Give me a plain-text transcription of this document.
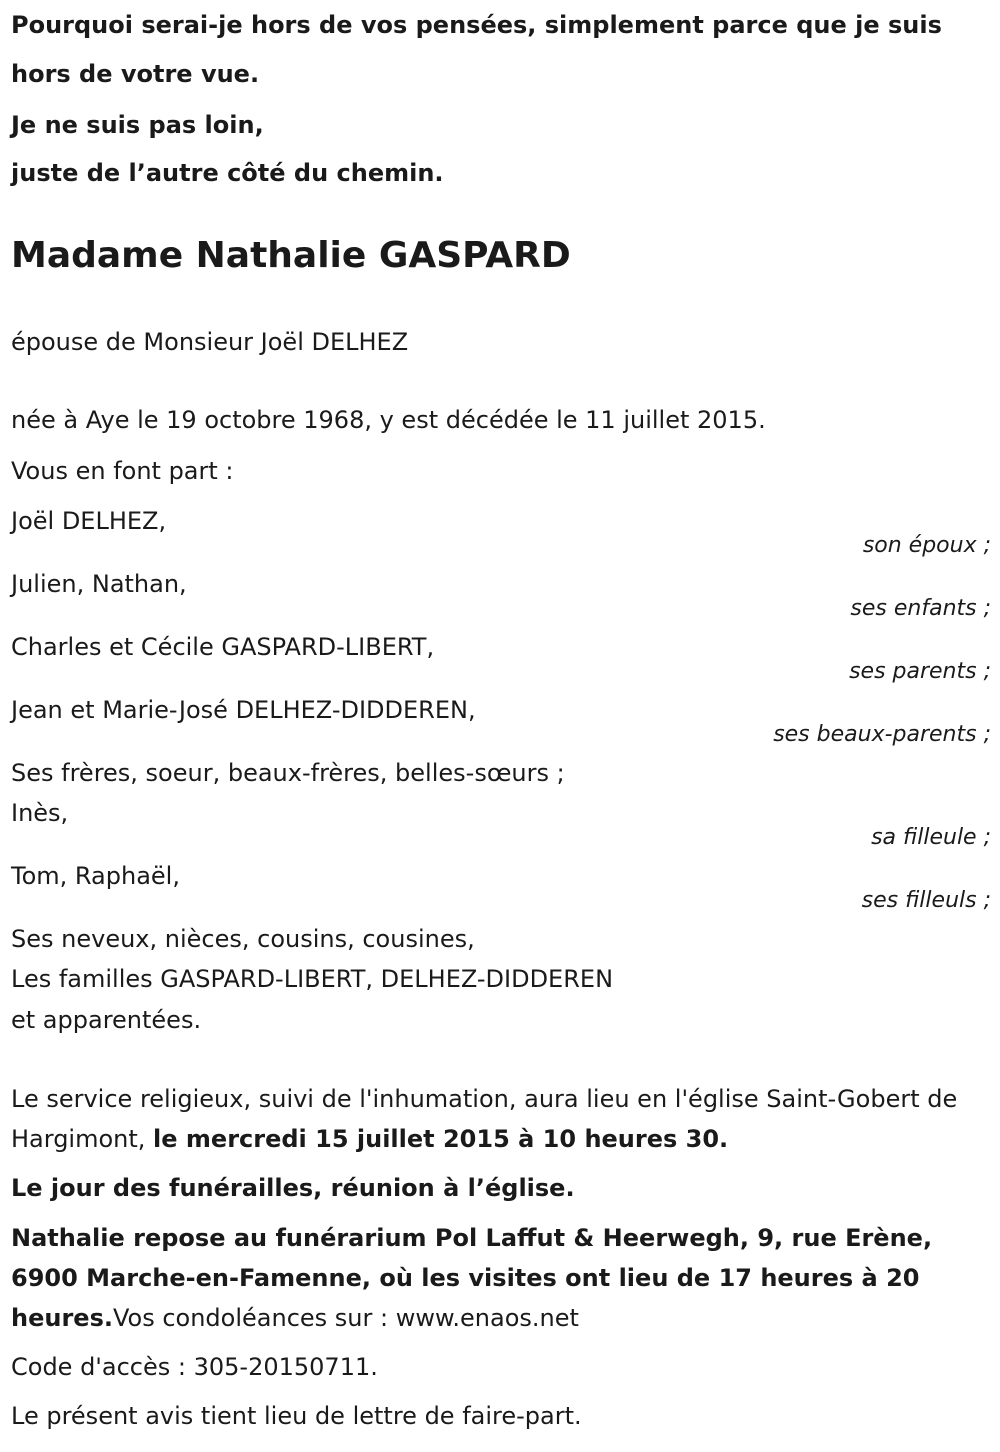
Pourquoi serai-je hors de vos pensées, simplement parce que je suis
hors de votre vue.
Je ne suis pas loin,
juste de l’autre côté du chemin.
Madame Nathalie GASPARD
épouse de Monsieur Joël DELHEZ
née à Aye le 19 octobre 1968, y est décédée le 11 juillet 2015.
Vous en font part :
Joël DELHEZ,
son époux ;
Julien, Nathan,
ses enfants ;
Charles et Cécile GASPARD-LIBERT,
ses parents ;
Jean et Marie-José DELHEZ-DIDDEREN,
ses beaux-parents ;
Ses frères, soeur, beaux-frères, belles-sœurs ;
Inès,
sa filleule ;
Tom, Raphaël,
ses filleuls ;
Ses neveux, nièces, cousins, cousines,
Les familles GASPARD-LIBERT, DELHEZ-DIDDEREN
et apparentées.
Le service religieux, suivi de l'inhumation, aura lieu en l'église Saint-Gobert de Hargimont, le mercredi 15 juillet 2015 à 10 heures 30.
Le jour des funérailles, réunion à l’église.
Nathalie repose au funérarium Pol Laffut & Heerwegh, 9, rue Erène, 6900 Marche-en-Famenne, où les visites ont lieu de 17 heures à 20 heures.Vos condoléances sur : www.enaos.net
Code d'accès : 305-20150711.
Le présent avis tient lieu de lettre de faire-part.
